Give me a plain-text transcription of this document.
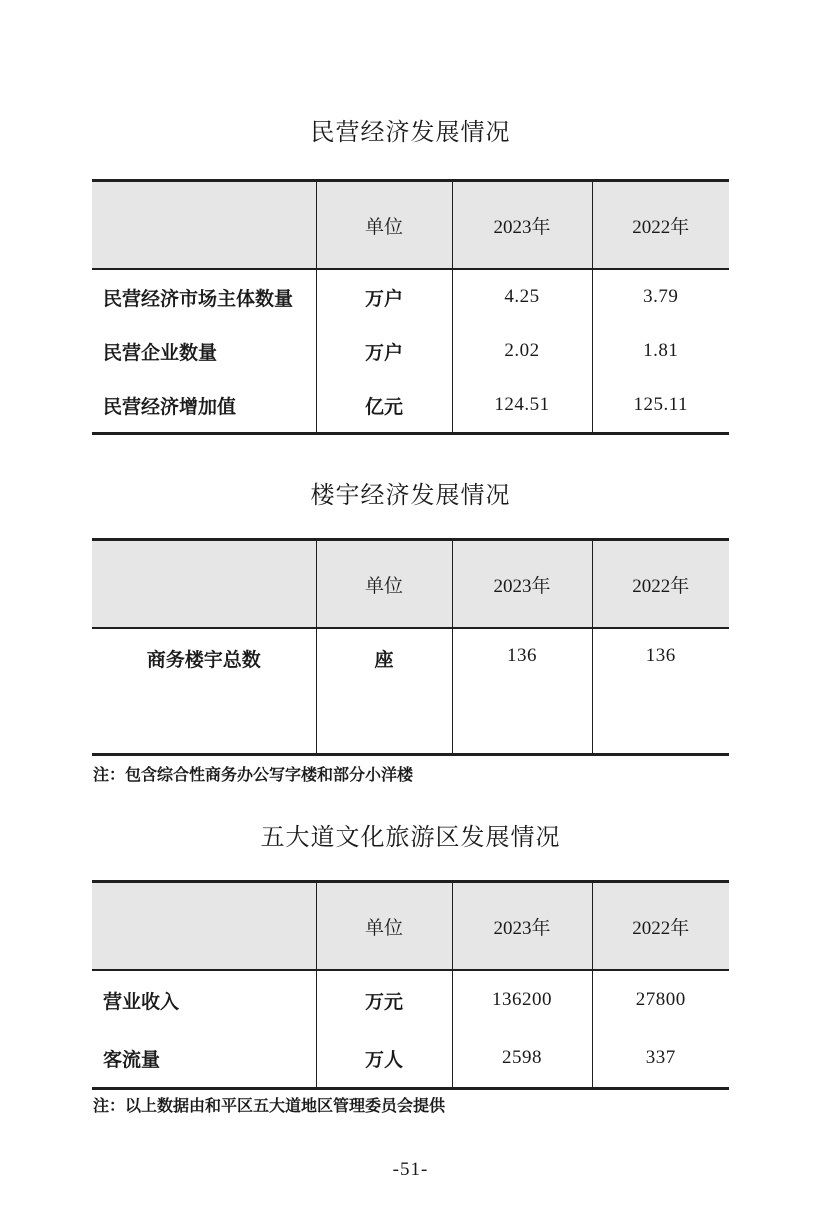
民营经济发展情况
	单位	2023年	2022年
民营经济市场主体数量	万户	4.25	3.79
民营企业数量	万户	2.02	1.81
民营经济增加值	亿元	124.51	125.11
楼宇经济发展情况
	单位	2023年	2022年
商务楼宇总数	座	136	136

注：包含综合性商务办公写字楼和部分小洋楼

五大道文化旅游区发展情况
	单位	2023年	2022年
营业收入	万元	136200	27800
客流量	万人	2598	337

注：以上数据由和平区五大道地区管理委员会提供

-51-
